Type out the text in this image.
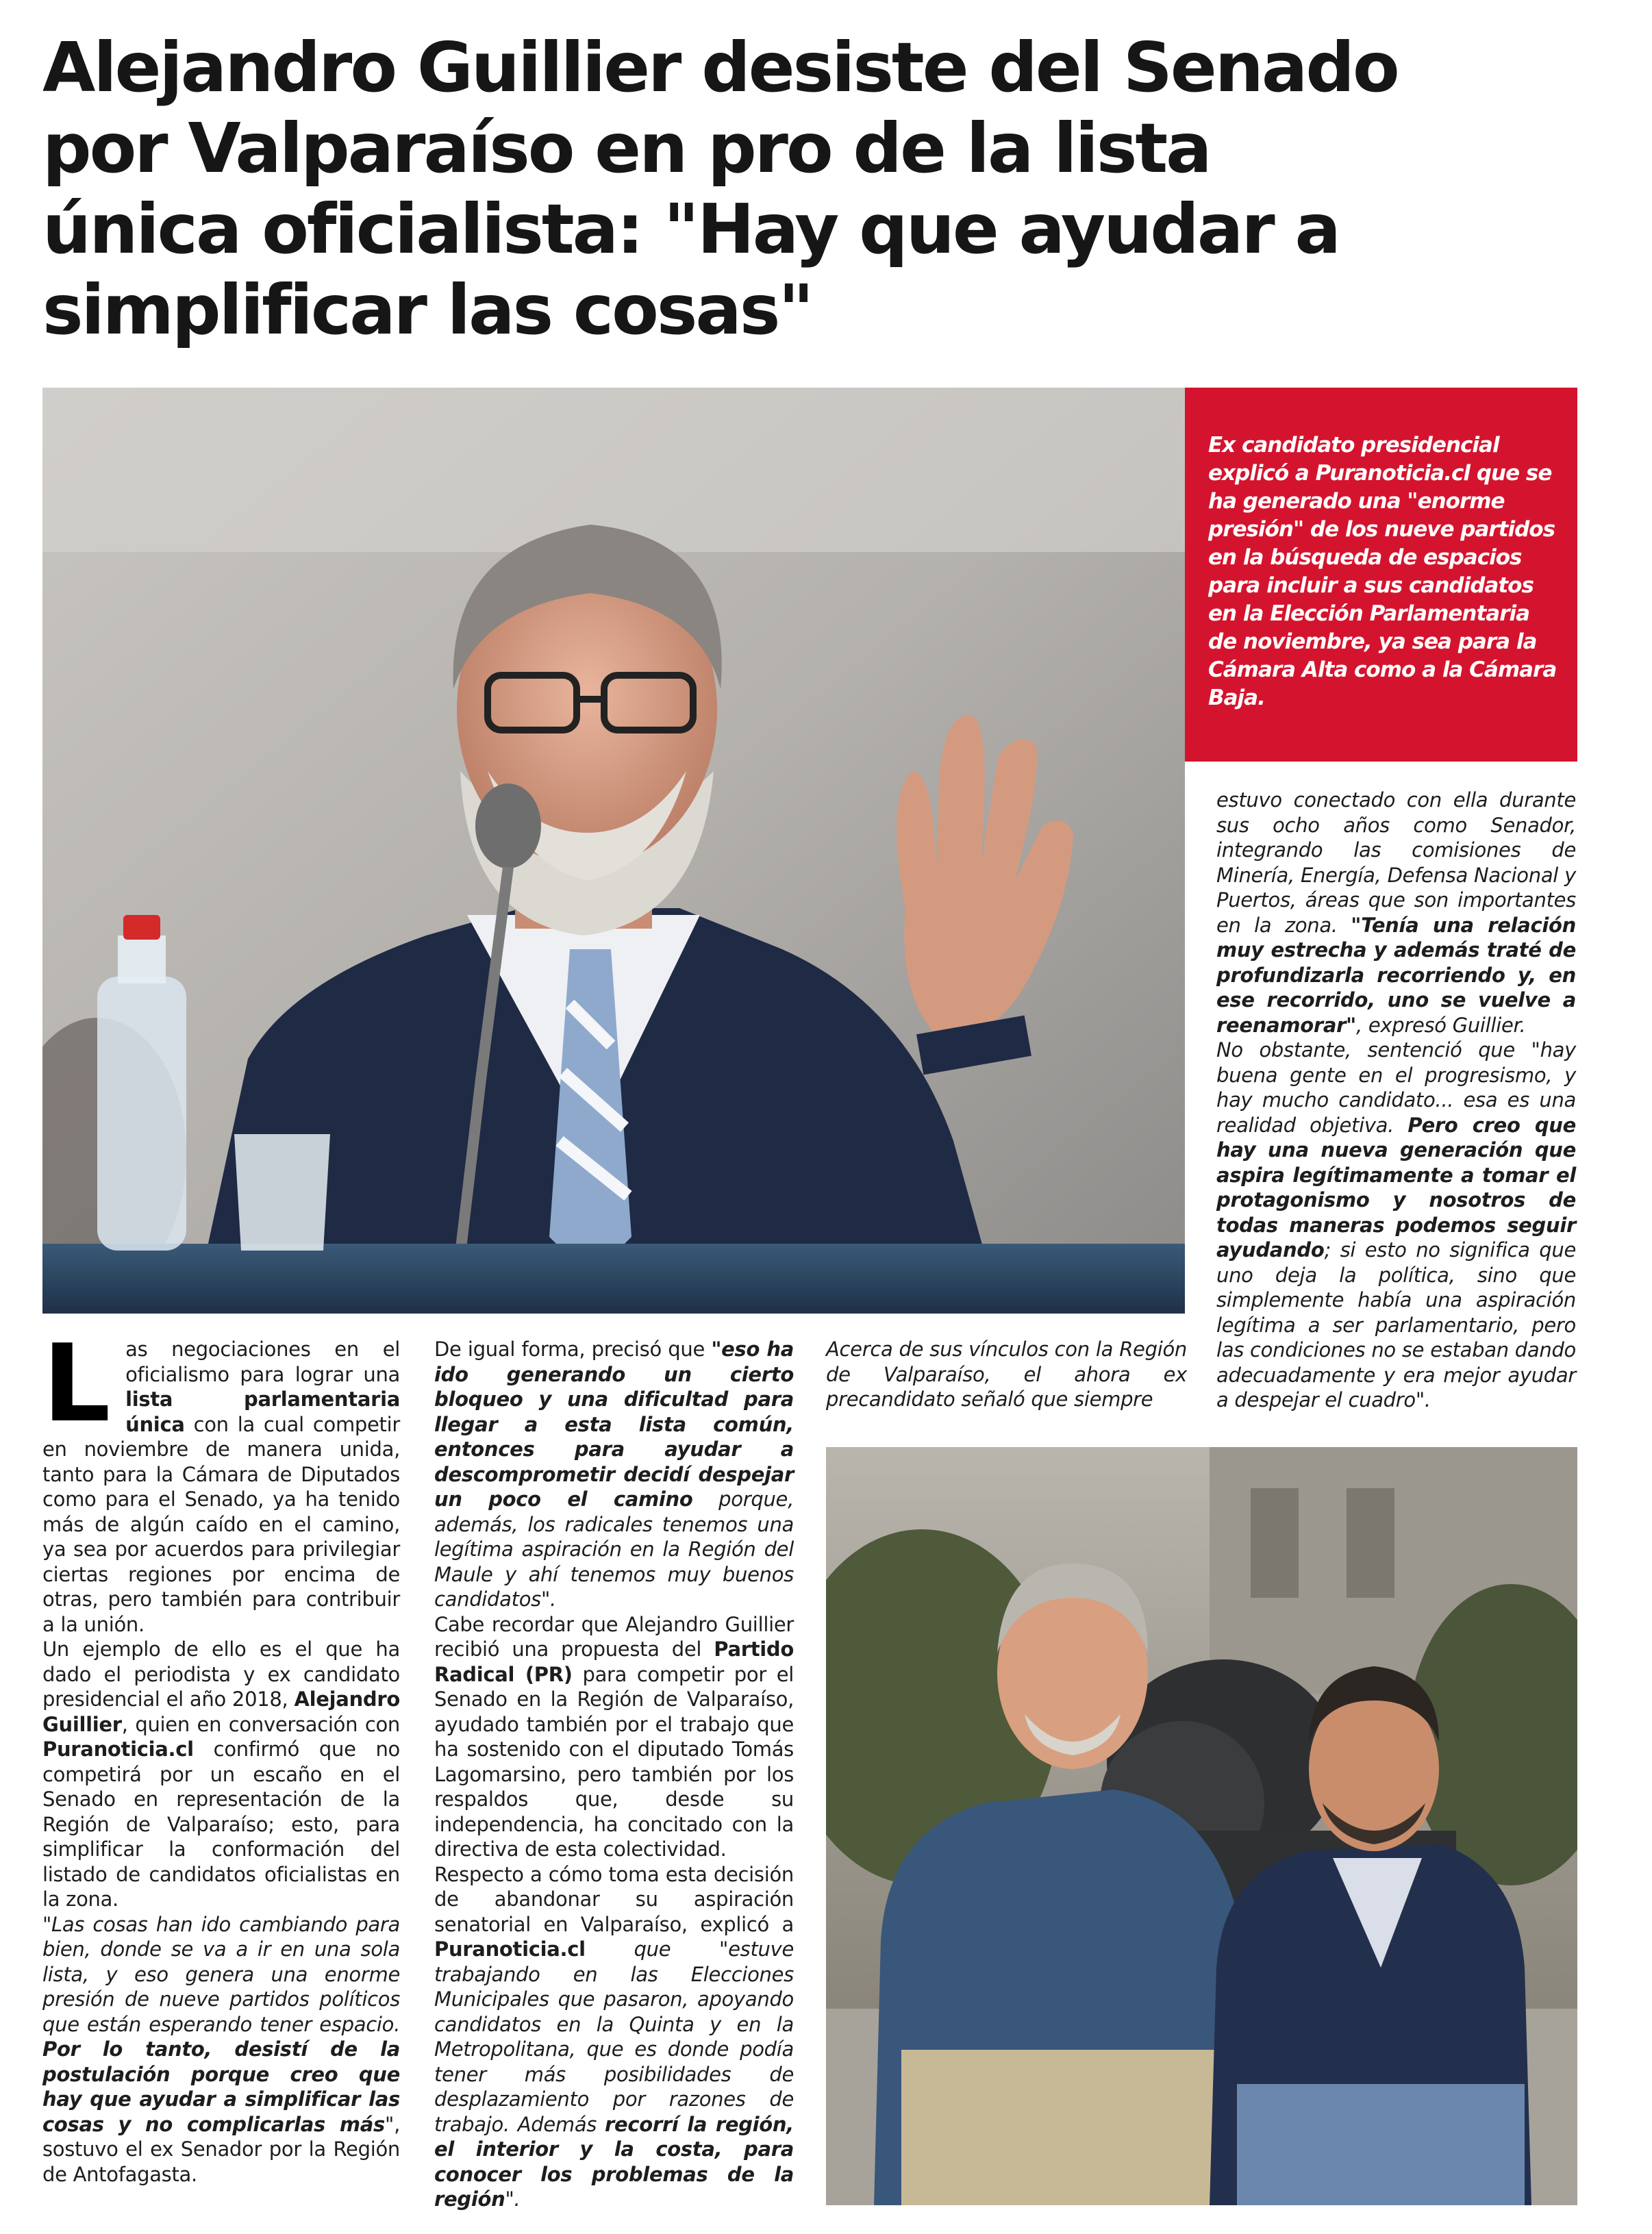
Alejandro Guillier desiste del Senado
por Valparaíso en pro de la lista
única oficialista: "Hay que ayudar a
simplificar las cosas"

Ex candidato presidencial explicó a Puranoticia.cl que se ha generado una "enorme presión" de los nueve partidos en la búsqueda de espacios para incluir a sus candidatos en la Elección Parlamentaria de noviembre, ya sea para la Cámara Alta como a la Cámara Baja.

Las negociaciones en el oficialismo para lograr una lista parlamentaria única con la cual competir en noviembre de manera unida, tanto para la Cámara de Diputados como para el Senado, ya ha tenido más de algún caído en el camino, ya sea por acuerdos para privilegiar ciertas regiones por encima de otras, pero también para contribuir a la unión.

Un ejemplo de ello es el que ha dado el periodista y ex candidato presidencial el año 2018, Alejandro Guillier, quien en conversación con Puranoticia.cl confirmó que no competirá por un escaño en el Senado en representación de la Región de Valparaíso; esto, para simplificar la conformación del listado de candidatos oficialistas en la zona.

"Las cosas han ido cambiando para bien, donde se va a ir en una sola lista, y eso genera una enorme presión de nueve partidos políticos que están esperando tener espacio. Por lo tanto, desistí de la postulación porque creo que hay que ayudar a simplificar las cosas y no complicarlas más", sostuvo el ex Senador por la Región de Antofagasta.

De igual forma, precisó que "eso ha ido generando un cierto bloqueo y una dificultad para llegar a esta lista común, entonces para ayudar a descomprometir decidí despejar un poco el camino porque, además, los radicales tenemos una legítima aspiración en la Región del Maule y ahí tenemos muy buenos candidatos".

Cabe recordar que Alejandro Guillier recibió una propuesta del Partido Radical (PR) para competir por el Senado en la Región de Valparaíso, ayudado también por el trabajo que ha sostenido con el diputado Tomás Lagomarsino, pero también por los respaldos que, desde su independencia, ha concitado con la directiva de esta colectividad.

Respecto a cómo toma esta decisión de abandonar su aspiración senatorial en Valparaíso, explicó a Puranoticia.cl que "estuve trabajando en las Elecciones Municipales que pasaron, apoyando candidatos en la Quinta y en la Metropolitana, que es donde podía tener más posibilidades de desplazamiento por razones de trabajo. Además recorrí la región, el interior y la costa, para conocer los problemas de la región".

Acerca de sus vínculos con la Región de Valparaíso, el ahora ex precandidato señaló que siempre

estuvo conectado con ella durante sus ocho años como Senador, integrando las comisiones de Minería, Energía, Defensa Nacional y Puertos, áreas que son importantes en la zona. "Tenía una relación muy estrecha y además traté de profundizarla recorriendo y, en ese recorrido, uno se vuelve a reenamorar", expresó Guillier.

No obstante, sentenció que "hay buena gente en el progresismo, y hay mucho candidato... esa es una realidad objetiva. Pero creo que hay una nueva generación que aspira legítimamente a tomar el protagonismo y nosotros de todas maneras podemos seguir ayudando; si esto no significa que uno deja la política, sino que simplemente había una aspiración legítima a ser parlamentario, pero las condiciones no se estaban dando adecuadamente y era mejor ayudar a despejar el cuadro".
